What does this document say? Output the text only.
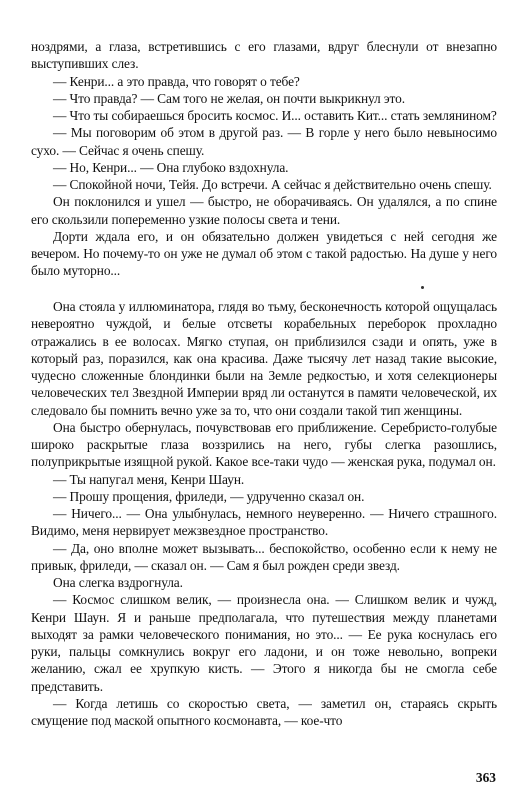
ноздрями, а глаза, встретившись с его глазами, вдруг блеснули от внезапно выступивших слез.

— Кенри... а это правда, что говорят о тебе?

— Что правда? — Сам того не желая, он почти выкрикнул это.

— Что ты собираешься бросить космос. И... оставить Кит... стать землянином?

— Мы поговорим об этом в другой раз. — В горле у него было невыносимо сухо. — Сейчас я очень спешу.

— Но, Кенри... — Она глубоко вздохнула.

— Спокойной ночи, Тейя. До встречи. А сейчас я действительно очень спешу.

Он поклонился и ушел — быстро, не оборачиваясь. Он удалялся, а по спине его скользили попеременно узкие полосы света и тени.

Дорти ждала его, и он обязательно должен увидеться с ней сегодня же вечером. Но почему-то он уже не думал об этом с такой радостью. На душе у него было муторно...

Она стояла у иллюминатора, глядя во тьму, бесконечность которой ощущалась невероятно чуждой, и белые отсветы корабельных переборок прохладно отражались в ее волосах. Мягко ступая, он приблизился сзади и опять, уже в который раз, поразился, как она красива. Даже тысячу лет назад такие высокие, чудесно сложенные блондинки были на Земле редкостью, и хотя селекционеры человеческих тел Звездной Империи вряд ли останутся в памяти человеческой, их следовало бы помнить вечно уже за то, что они создали такой тип женщины.

Она быстро обернулась, почувствовав его приближение. Серебристо-голубые широко раскрытые глаза воззрились на него, губы слегка разошлись, полуприкрытые изящной рукой. Какое все-таки чудо — женская рука, подумал он.

— Ты напугал меня, Кенри Шаун.

— Прошу прощения, фриледи, — удрученно сказал он.

— Ничего... — Она улыбнулась, немного неуверенно. — Ничего страшного. Видимо, меня нервирует межзвездное пространство.

— Да, оно вполне может вызывать... беспокойство, особенно если к нему не привык, фриледи, — сказал он. — Сам я был рожден среди звезд.

Она слегка вздрогнула.

— Космос слишком велик, — произнесла она. — Слишком велик и чужд, Кенри Шаун. Я и раньше предполагала, что путешествия между планетами выходят за рамки человеческого понимания, но это... — Ее рука коснулась его руки, пальцы сомкнулись вокруг его ладони, и он тоже невольно, вопреки желанию, сжал ее хрупкую кисть. — Этого я никогда бы не смогла себе представить.

— Когда летишь со скоростью света, — заметил он, стараясь скрыть смущение под маской опытного космонавта, — кое-что

363
